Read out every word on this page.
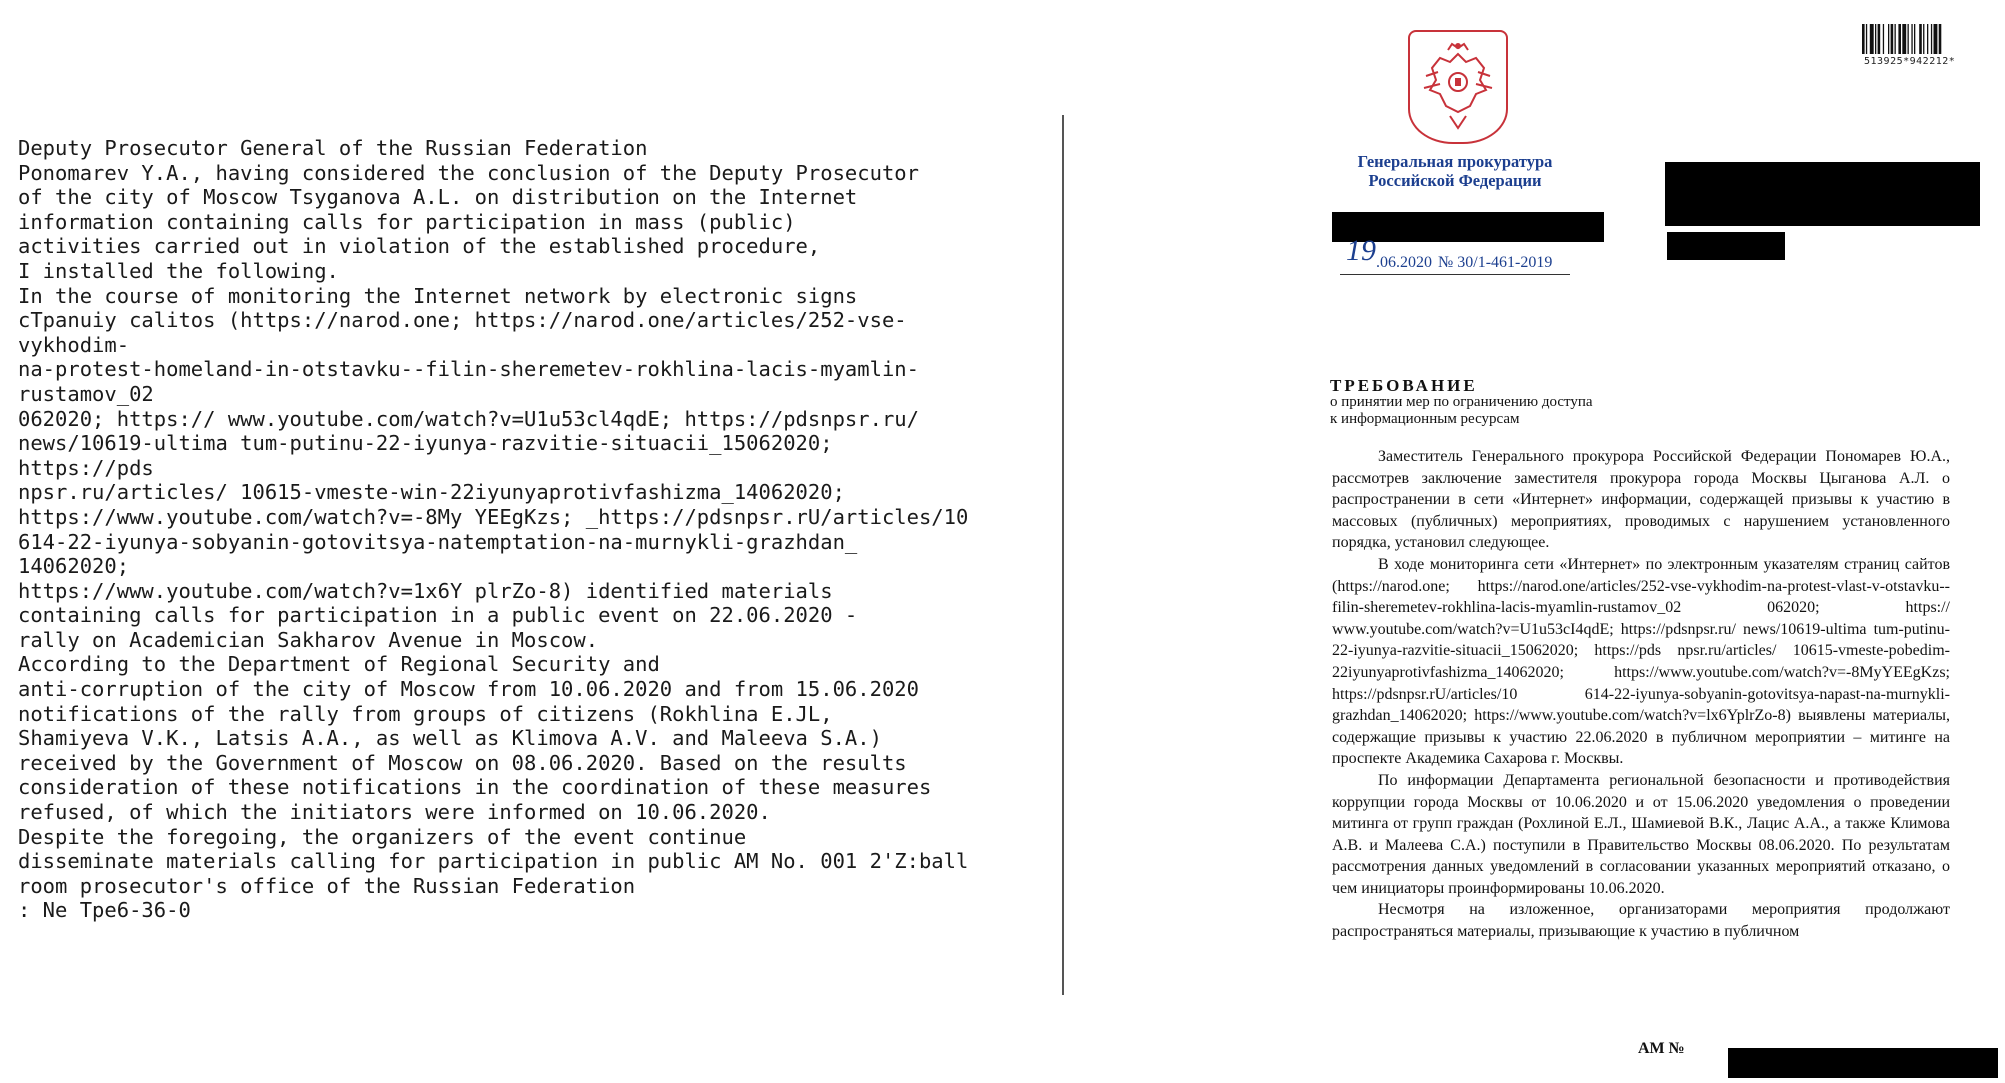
Deputy Prosecutor General of the Russian Federation
Ponomarev Y.A., having considered the conclusion of the Deputy Prosecutor
of the city of Moscow Tsyganova A.L. on distribution on the Internet
information containing calls for participation in mass (public)
activities carried out in violation of the established procedure,
I installed the following.
In the course of monitoring the Internet network by electronic signs
сТрanuiy calitos (https://narod.one; https://narod.one/articles/252-vse-
vykhodim-
na-protest-homeland-in-otstavku--filin-sheremetev-rokhlina-lacis-myamlin-
rustamov_02
062020; https:// www.youtube.com/watch?v=U1u53cl4qdE; https://pdsnpsr.ru/
news/10619-ultima tum-putinu-22-iyunya-razvitie-situacii_15062020;
https://pds
npsr.ru/articles/ 10615-vmeste-win-22iyunyaprotivfashizma_14062020;
https://www.youtube.com/watch?v=-8My YEEgKzs; _https://pdsnpsr.rU/articles/10
614-22-iyunya-sobyanin-gotovitsya-natemptation-na-murnykli-grazhdan_
14062020;
https://www.youtube.com/watch?v=1x6Y plrZo-8) identified materials
containing calls for participation in a public event on 22.06.2020 -
rally on Academician Sakharov Avenue in Moscow.
According to the Department of Regional Security and
anti-corruption of the city of Moscow from 10.06.2020 and from 15.06.2020
notifications of the rally from groups of citizens (Rokhlina E.JL,
Shamiyeva V.K., Latsis A.A., as well as Klimova A.V. and Maleeva S.A.)
received by the Government of Moscow on 08.06.2020. Based on the results
consideration of these notifications in the coordination of these measures
refused, of which the initiators were informed on 10.06.2020.
Despite the foregoing, the organizers of the event continue
disseminate materials calling for participation in public AM No. 001 2'Z:ball
room prosecutor's office of the Russian Federation
: Ne Tpe6-36-0
513925*942212*
Генеральная прокуратура
Российской Федерации
19 .06.2020 № 30/1-461-2019
ТРЕБОВАНИЕ
о принятии мер по ограничению доступа
к информационным ресурсам

Заместитель Генерального прокурора Российской Федерации Пономарев Ю.А., рассмотрев заключение заместителя прокурора города Москвы Цыганова А.Л. о распространении в сети «Интернет» информации, содержащей призывы к участию в массовых (публичных) мероприятиях, проводимых с нарушением установленного порядка, установил следующее.

В ходе мониторинга сети «Интернет» по электронным указателям страниц сайтов (https://narod.one; https://narod.one/articles/252-vse-vykhodim-na-protest-vlast-v-otstavku--filin-sheremetev-rokhlina-lacis-myamlin-rustamov_02 062020; https:// www.youtube.com/watch?v=U1u53cI4qdE; https://pdsnpsr.ru/ news/10619-ultima tum-putinu-22-iyunya-razvitie-situacii_15062020; https://pds npsr.ru/articles/ 10615-vmeste-pobedim-22iyunyaprotivfashizma_14062020; https://www.youtube.com/watch?v=-8MyYEEgKzs; https://pdsnpsr.rU/articles/10 614-22-iyunya-sobyanin-gotovitsya-napast-na-murnykli-grazhdan_14062020; https://www.youtube.com/watch?v=lx6YplrZo-8) выявлены материалы, содержащие призывы к участию 22.06.2020 в публичном мероприятии – митинге на проспекте Академика Сахарова г. Москвы.

По информации Департамента региональной безопасности и противодействия коррупции города Москвы от 10.06.2020 и от 15.06.2020 уведомления о проведении митинга от групп граждан (Рохлиной Е.Л., Шамиевой В.К., Лацис А.А., а также Климова А.В. и Малеева С.А.) поступили в Правительство Москвы 08.06.2020. По результатам рассмотрения данных уведомлений в согласовании указанных мероприятий отказано, о чем инициаторы проинформированы 10.06.2020.

Несмотря на изложенное, организаторами мероприятия продолжают распространяться материалы, призывающие к участию в публичном

АМ №
